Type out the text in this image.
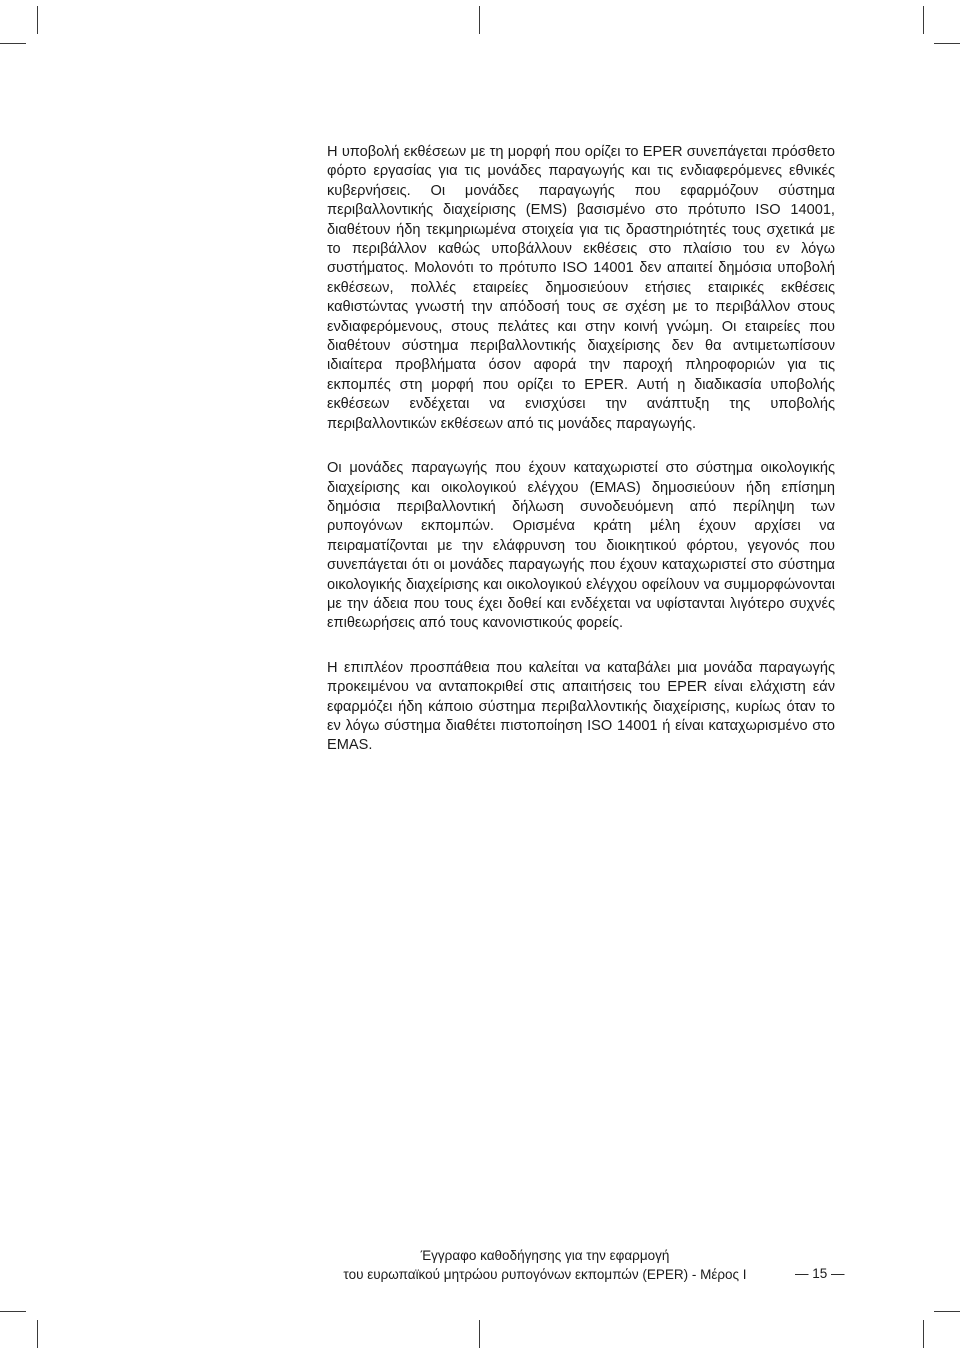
Η υποβολή εκθέσεων με τη μορφή που ορίζει το EPER συνεπάγεται πρόσθετο φόρτο εργασίας για τις μονάδες παραγωγής και τις ενδιαφερόμενες εθνικές κυβερνήσεις. Οι μονάδες παραγωγής που εφαρμόζουν σύστημα περιβαλλοντικής διαχείρισης (EMS) βασισμένο στο πρότυπο ISO 14001, διαθέτουν ήδη τεκμηριωμένα στοιχεία για τις δραστηριότητές τους σχετικά με το περιβάλλον καθώς υποβάλλουν εκθέσεις στο πλαίσιο του εν λόγω συστήματος. Μολονότι το πρότυπο ISO 14001 δεν απαιτεί δημόσια υποβολή εκθέσεων, πολλές εταιρείες δημοσιεύουν ετήσιες εταιρικές εκθέσεις καθιστώντας γνωστή την απόδοσή τους σε σχέση με το περιβάλλον στους ενδιαφερόμενους, στους πελάτες και στην κοινή γνώμη. Οι εταιρείες που διαθέτουν σύστημα περιβαλλοντικής διαχείρισης δεν θα αντιμετωπίσουν ιδιαίτερα προβλήματα όσον αφορά την παροχή πληροφοριών για τις εκπομπές στη μορφή που ορίζει το EPER. Αυτή η διαδικασία υποβολής εκθέσεων ενδέχεται να ενισχύσει την ανάπτυξη της υποβολής περιβαλλοντικών εκθέσεων από τις μονάδες παραγωγής.

Οι μονάδες παραγωγής που έχουν καταχωριστεί στο σύστημα οικολογικής διαχείρισης και οικολογικού ελέγχου (EMAS) δημοσιεύουν ήδη επίσημη δημόσια περιβαλλοντική δήλωση συνοδευόμενη από περίληψη των ρυπογόνων εκπομπών. Ορισμένα κράτη μέλη έχουν αρχίσει να πειραματίζονται με την ελάφρυνση του διοικητικού φόρτου, γεγονός που συνεπάγεται ότι οι μονάδες παραγωγής που έχουν καταχωριστεί στο σύστημα οικολογικής διαχείρισης και οικολογικού ελέγχου οφείλουν να συμμορφώνονται με την άδεια που τους έχει δοθεί και ενδέχεται να υφίστανται λιγότερο συχνές επιθεωρήσεις από τους κανονιστικούς φορείς.

Η επιπλέον προσπάθεια που καλείται να καταβάλει μια μονάδα παραγωγής προκειμένου να ανταποκριθεί στις απαιτήσεις του EPER είναι ελάχιστη εάν εφαρμόζει ήδη κάποιο σύστημα περιβαλλοντικής διαχείρισης, κυρίως όταν το εν λόγω σύστημα διαθέτει πιστοποίηση ISO 14001 ή είναι καταχωρισμένο στο EMAS.

Έγγραφο καθοδήγησης για την εφαρμογή
του ευρωπαϊκού μητρώου ρυπογόνων εκπομπών (EPER) - Μέρος I	— 15 —
